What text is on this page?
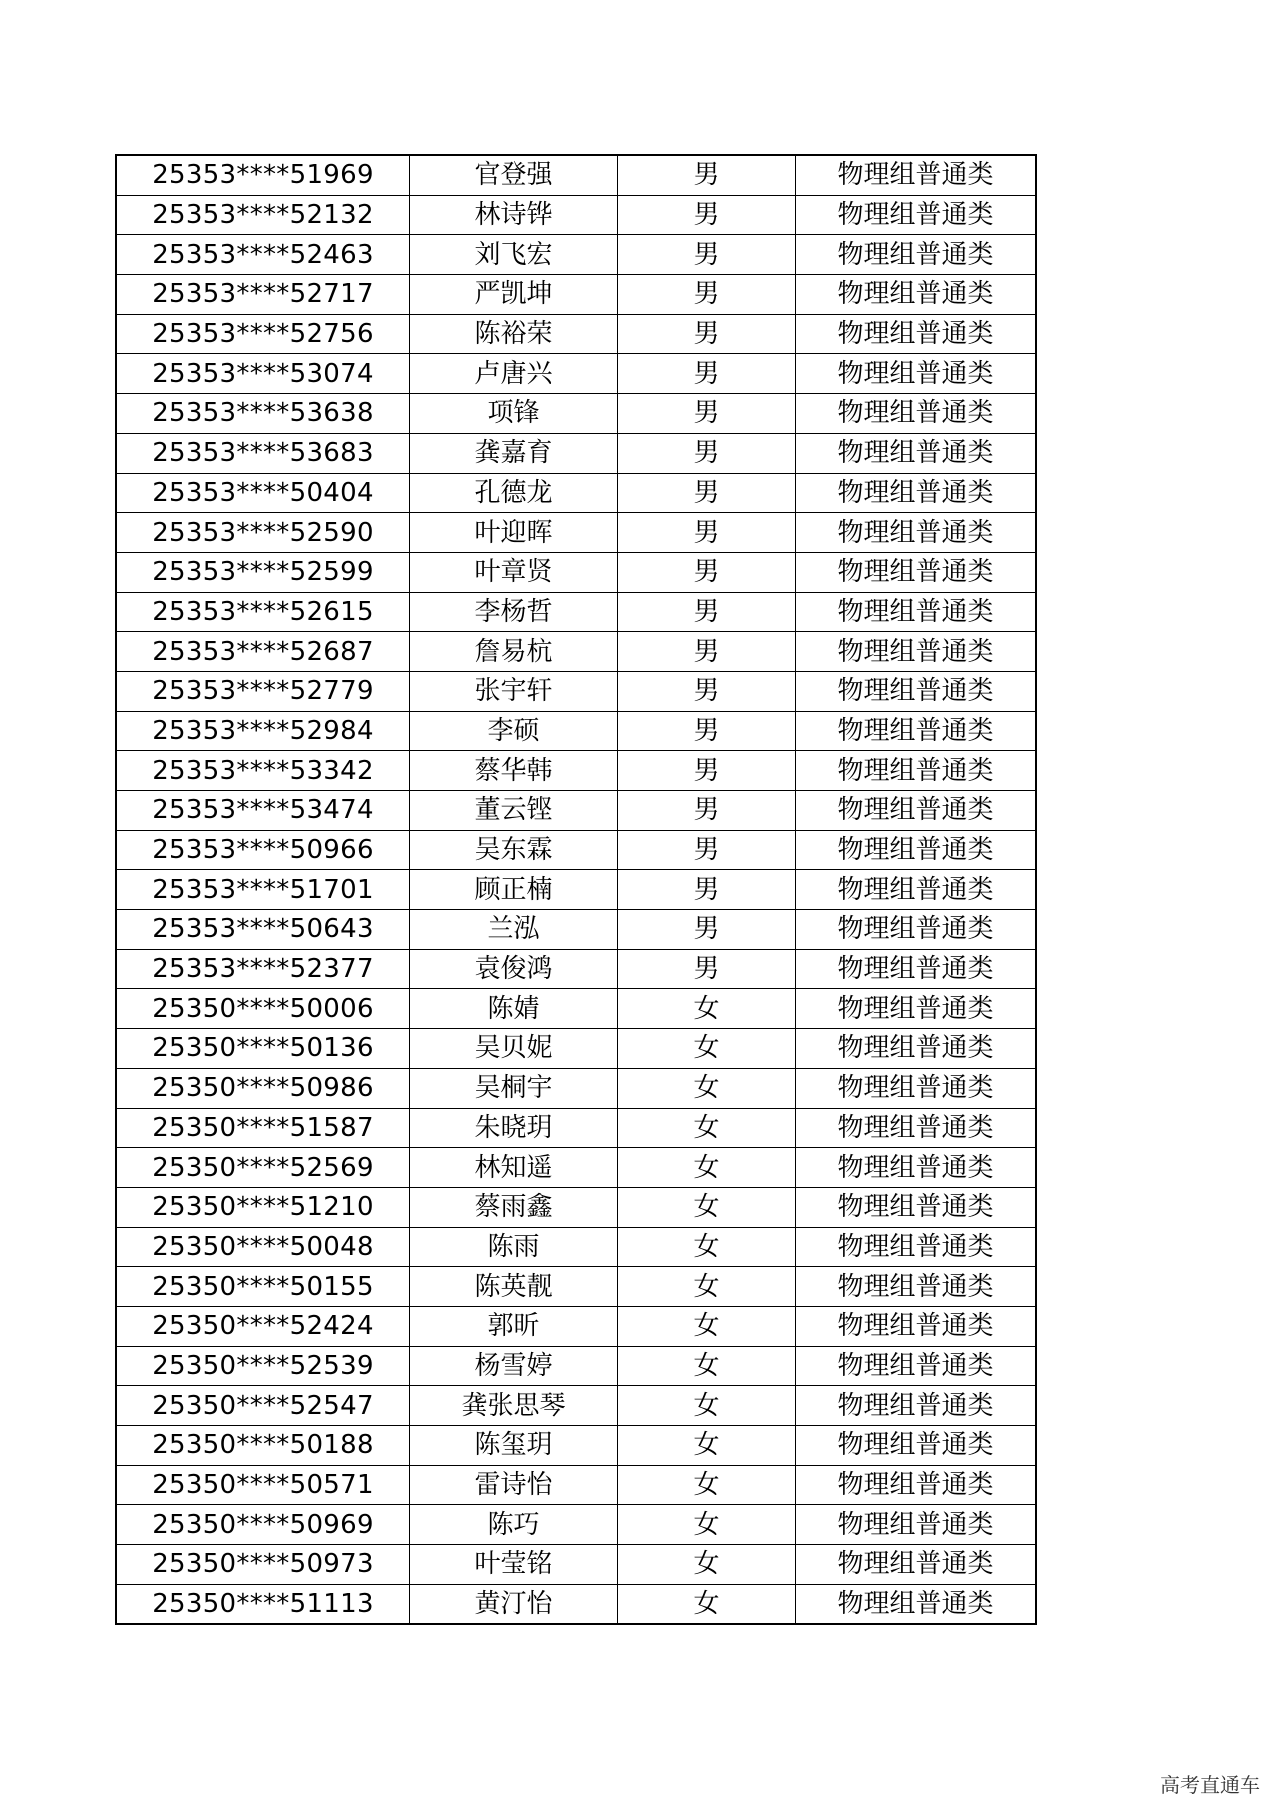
25353****51969	官登强	男	物理组普通类
25353****52132	林诗铧	男	物理组普通类
25353****52463	刘飞宏	男	物理组普通类
25353****52717	严凯坤	男	物理组普通类
25353****52756	陈裕荣	男	物理组普通类
25353****53074	卢唐兴	男	物理组普通类
25353****53638	项锋	男	物理组普通类
25353****53683	龚嘉育	男	物理组普通类
25353****50404	孔德龙	男	物理组普通类
25353****52590	叶迎晖	男	物理组普通类
25353****52599	叶章贤	男	物理组普通类
25353****52615	李杨哲	男	物理组普通类
25353****52687	詹易杭	男	物理组普通类
25353****52779	张宇轩	男	物理组普通类
25353****52984	李硕	男	物理组普通类
25353****53342	蔡华韩	男	物理组普通类
25353****53474	董云铿	男	物理组普通类
25353****50966	吴东霖	男	物理组普通类
25353****51701	顾正楠	男	物理组普通类
25353****50643	兰泓	男	物理组普通类
25353****52377	袁俊鸿	男	物理组普通类
25350****50006	陈婧	女	物理组普通类
25350****50136	吴贝妮	女	物理组普通类
25350****50986	吴桐宇	女	物理组普通类
25350****51587	朱晓玥	女	物理组普通类
25350****52569	林知遥	女	物理组普通类
25350****51210	蔡雨鑫	女	物理组普通类
25350****50048	陈雨	女	物理组普通类
25350****50155	陈英靓	女	物理组普通类
25350****52424	郭昕	女	物理组普通类
25350****52539	杨雪婷	女	物理组普通类
25350****52547	龚张思琴	女	物理组普通类
25350****50188	陈玺玥	女	物理组普通类
25350****50571	雷诗怡	女	物理组普通类
25350****50969	陈巧	女	物理组普通类
25350****50973	叶莹铭	女	物理组普通类
25350****51113	黄汀怡	女	物理组普通类
高考直通车
